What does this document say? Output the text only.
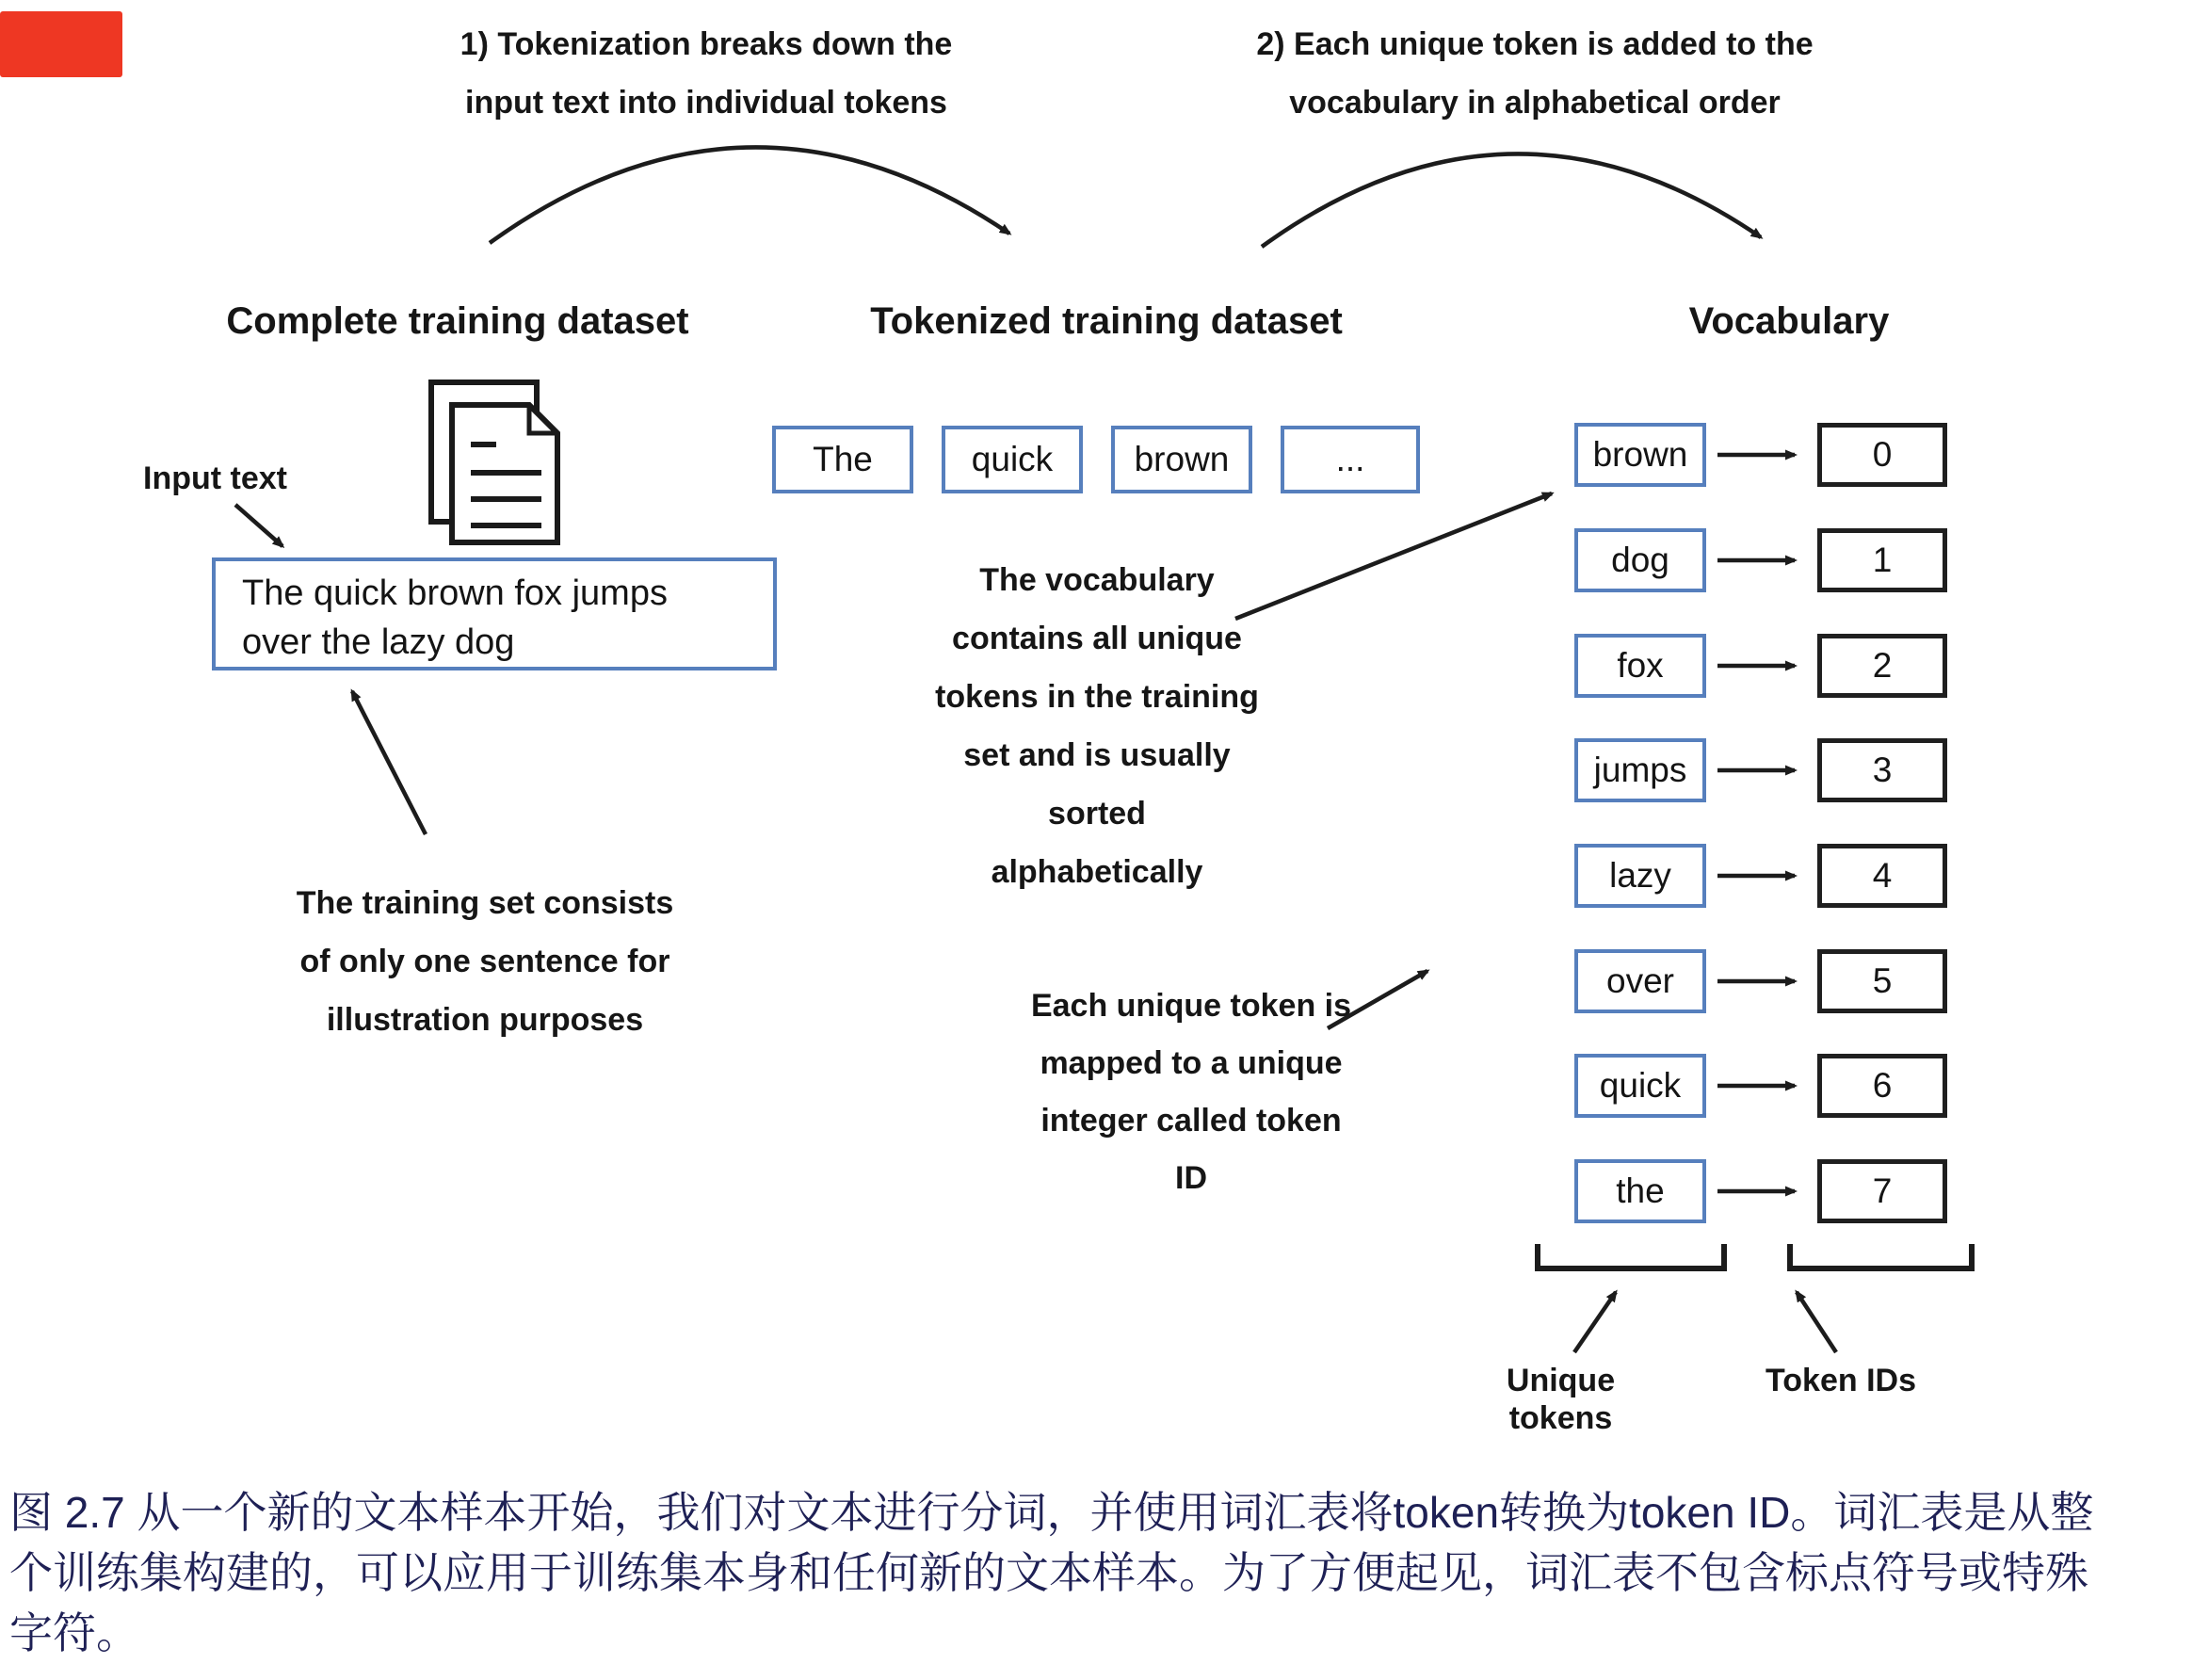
1) Tokenization breaks down the
input text into individual tokens
2) Each unique token is added to the
vocabulary in alphabetical order
Complete training dataset	Tokenized training dataset	Vocabulary
Input text
The quick brown fox jumps
over the lazy dog
The training set consists
of only one sentence for
illustration purposes
The	quick	brown	...
The vocabulary
contains all unique
tokens in the training
set and is usually
sorted
alphabetically
Each unique token is
mapped to a unique
integer called token
ID
brown	0
dog	1
fox	2
jumps	3
lazy	4
over	5
quick	6
the	7
Unique tokens
Token IDs
图 2.7 从一个新的文本样本开始，我们对文本进行分词，并使用词汇表将token转换为token ID。词汇表是从整
个训练集构建的，可以应用于训练集本身和任何新的文本样本。为了方便起见，词汇表不包含标点符号或特殊
字符。
